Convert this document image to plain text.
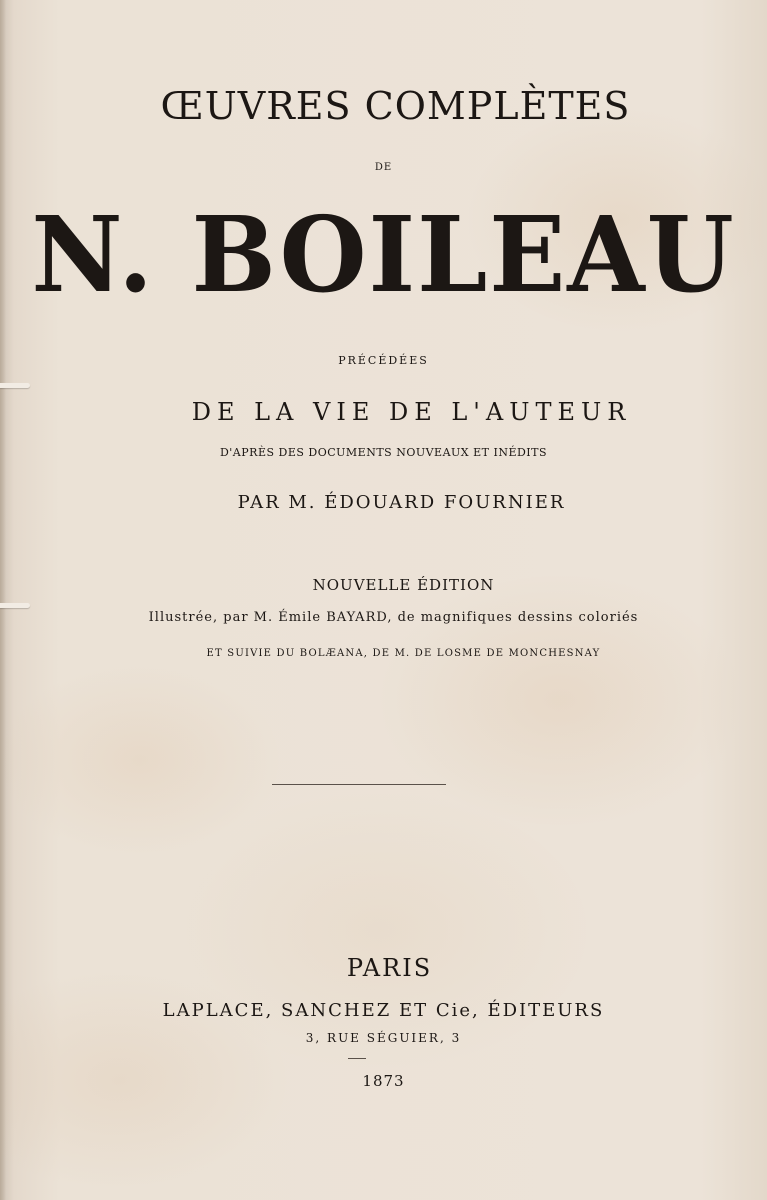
ŒUVRES COMPLÈTES

DE

N. BOILEAU

PRÉCÉDÉES

DE LA VIE DE L'AUTEUR

D'APRÈS DES DOCUMENTS NOUVEAUX ET INÉDITS

PAR M. ÉDOUARD FOURNIER

NOUVELLE ÉDITION

Illustrée, par M. Émile BAYARD, de magnifiques dessins coloriés

ET SUIVIE DU BOLÆANA, DE M. DE LOSME DE MONCHESNAY

PARIS

LAPLACE, SANCHEZ ET Cie, ÉDITEURS

3, RUE SÉGUIER, 3

1873
